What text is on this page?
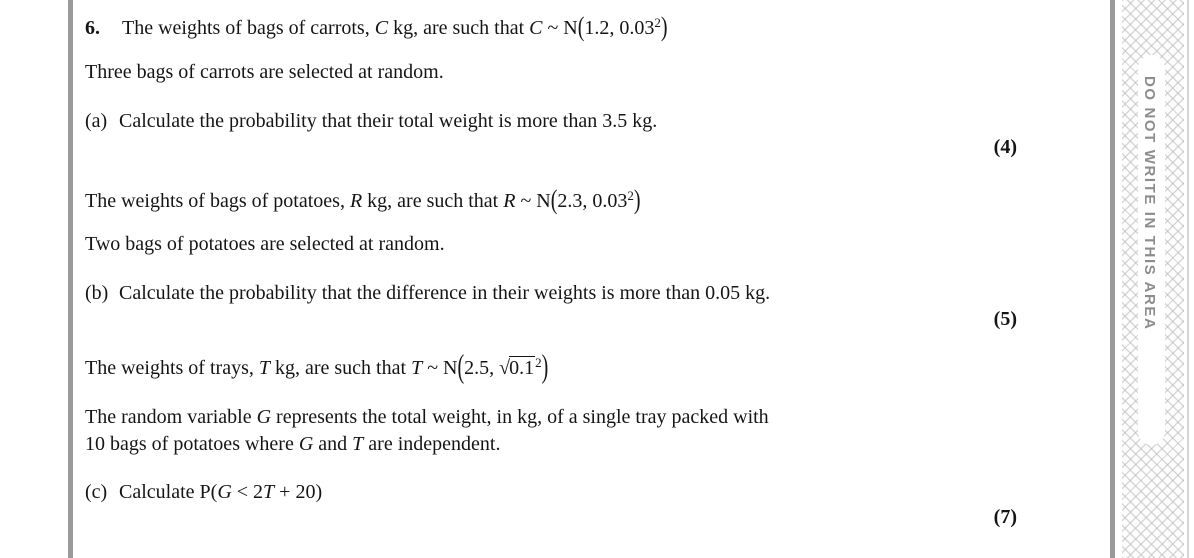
6. The weights of bags of carrots, C kg, are such that C ~ N(1.2, 0.03$^2$)
Three bags of carrots are selected at random.
(a) Calculate the probability that their total weight is more than 3.5 kg.
(4)
The weights of bags of potatoes, R kg, are such that R ~ N(2.3, 0.03$^2$)
Two bags of potatoes are selected at random.
(b) Calculate the probability that the difference in their weights is more than 0.05 kg.
(5)
The weights of trays, T kg, are such that T ~ N(2.5, $√0.1^2$)
The random variable G represents the total weight, in kg, of a single tray packed with
10 bags of potatoes where G and T are independent.
(c) Calculate P(G < 2T + 20)
(7)
DO NOT WRITE IN THIS AREA
